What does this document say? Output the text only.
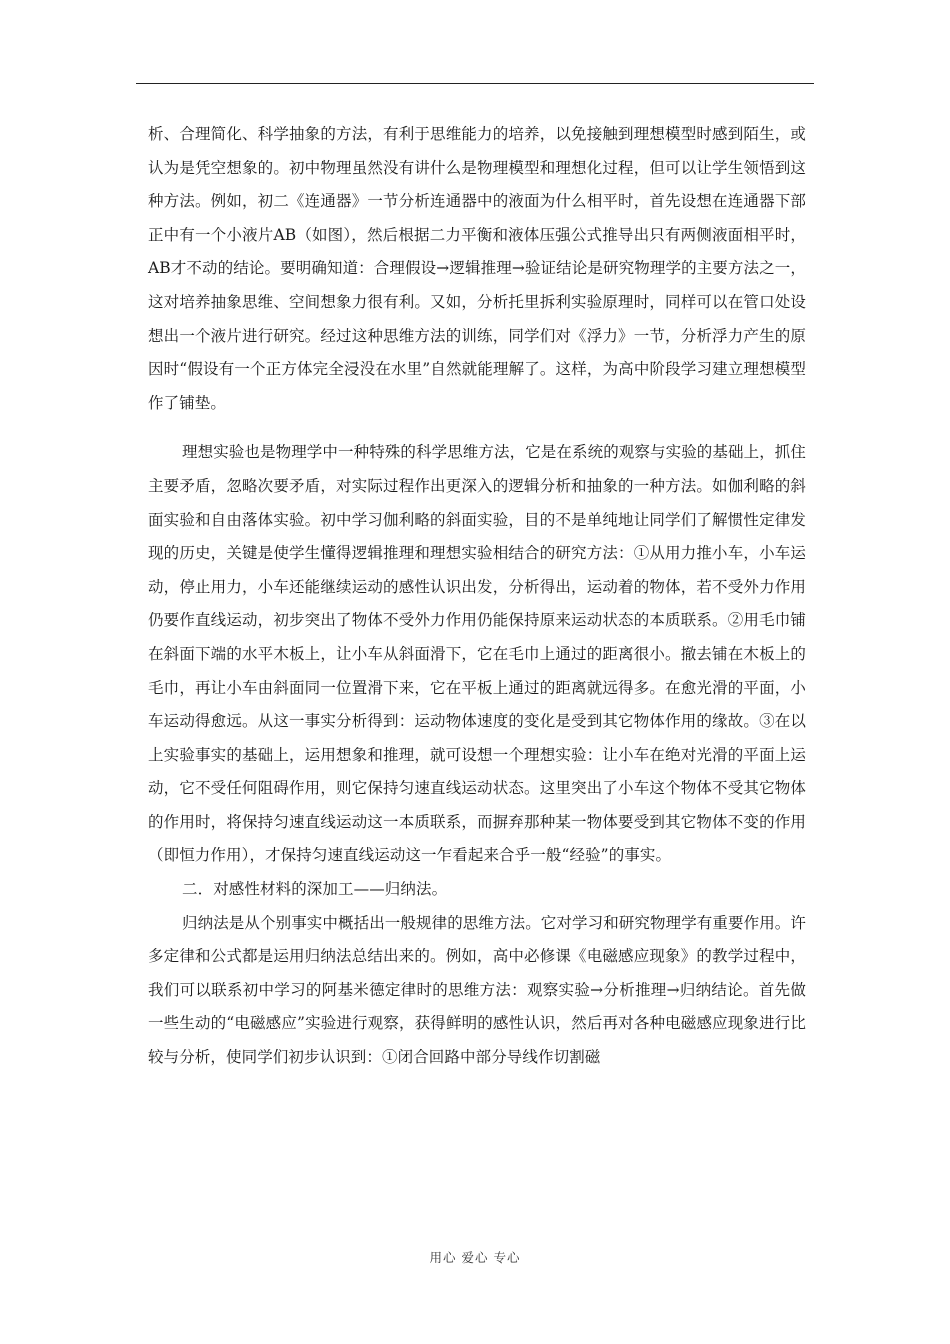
析、合理简化、科学抽象的方法，有利于思维能力的培养，以免接触到理想模型时感到陌生，或认为是凭空想象的。初中物理虽然没有讲什么是物理模型和理想化过程，但可以让学生领悟到这种方法。例如，初二《连通器》一节分析连通器中的液面为什么相平时，首先设想在连通器下部正中有一个小液片AB（如图），然后根据二力平衡和液体压强公式推导出只有两侧液面相平时，AB才不动的结论。要明确知道：合理假设→逻辑推理→验证结论是研究物理学的主要方法之一，这对培养抽象思维、空间想象力很有利。又如，分析托里拆利实验原理时，同样可以在管口处设想出一个液片进行研究。经过这种思维方法的训练，同学们对《浮力》一节，分析浮力产生的原因时“假设有一个正方体完全浸没在水里”自然就能理解了。这样，为高中阶段学习建立理想模型作了铺垫。

理想实验也是物理学中一种特殊的科学思维方法，它是在系统的观察与实验的基础上，抓住主要矛盾，忽略次要矛盾，对实际过程作出更深入的逻辑分析和抽象的一种方法。如伽利略的斜面实验和自由落体实验。初中学习伽利略的斜面实验，目的不是单纯地让同学们了解惯性定律发现的历史，关键是使学生懂得逻辑推理和理想实验相结合的研究方法：①从用力推小车，小车运动，停止用力，小车还能继续运动的感性认识出发，分析得出，运动着的物体，若不受外力作用仍要作直线运动，初步突出了物体不受外力作用仍能保持原来运动状态的本质联系。②用毛巾铺在斜面下端的水平木板上，让小车从斜面滑下，它在毛巾上通过的距离很小。撤去铺在木板上的毛巾，再让小车由斜面同一位置滑下来，它在平板上通过的距离就远得多。在愈光滑的平面，小车运动得愈远。从这一事实分析得到：运动物体速度的变化是受到其它物体作用的缘故。③在以上实验事实的基础上，运用想象和推理，就可设想一个理想实验：让小车在绝对光滑的平面上运动，它不受任何阻碍作用，则它保持匀速直线运动状态。这里突出了小车这个物体不受其它物体的作用时，将保持匀速直线运动这一本质联系，而摒弃那种某一物体要受到其它物体不变的作用（即恒力作用），才保持匀速直线运动这一乍看起来合乎一般“经验”的事实。

二．对感性材料的深加工——归纳法。

归纳法是从个别事实中概括出一般规律的思维方法。它对学习和研究物理学有重要作用。许多定律和公式都是运用归纳法总结出来的。例如，高中必修课《电磁感应现象》的教学过程中，我们可以联系初中学习的阿基米德定律时的思维方法：观察实验→分析推理→归纳结论。首先做一些生动的“电磁感应”实验进行观察，获得鲜明的感性认识，然后再对各种电磁感应现象进行比较与分析，使同学们初步认识到：①闭合回路中部分导线作切割磁

用心 爱心 专心
